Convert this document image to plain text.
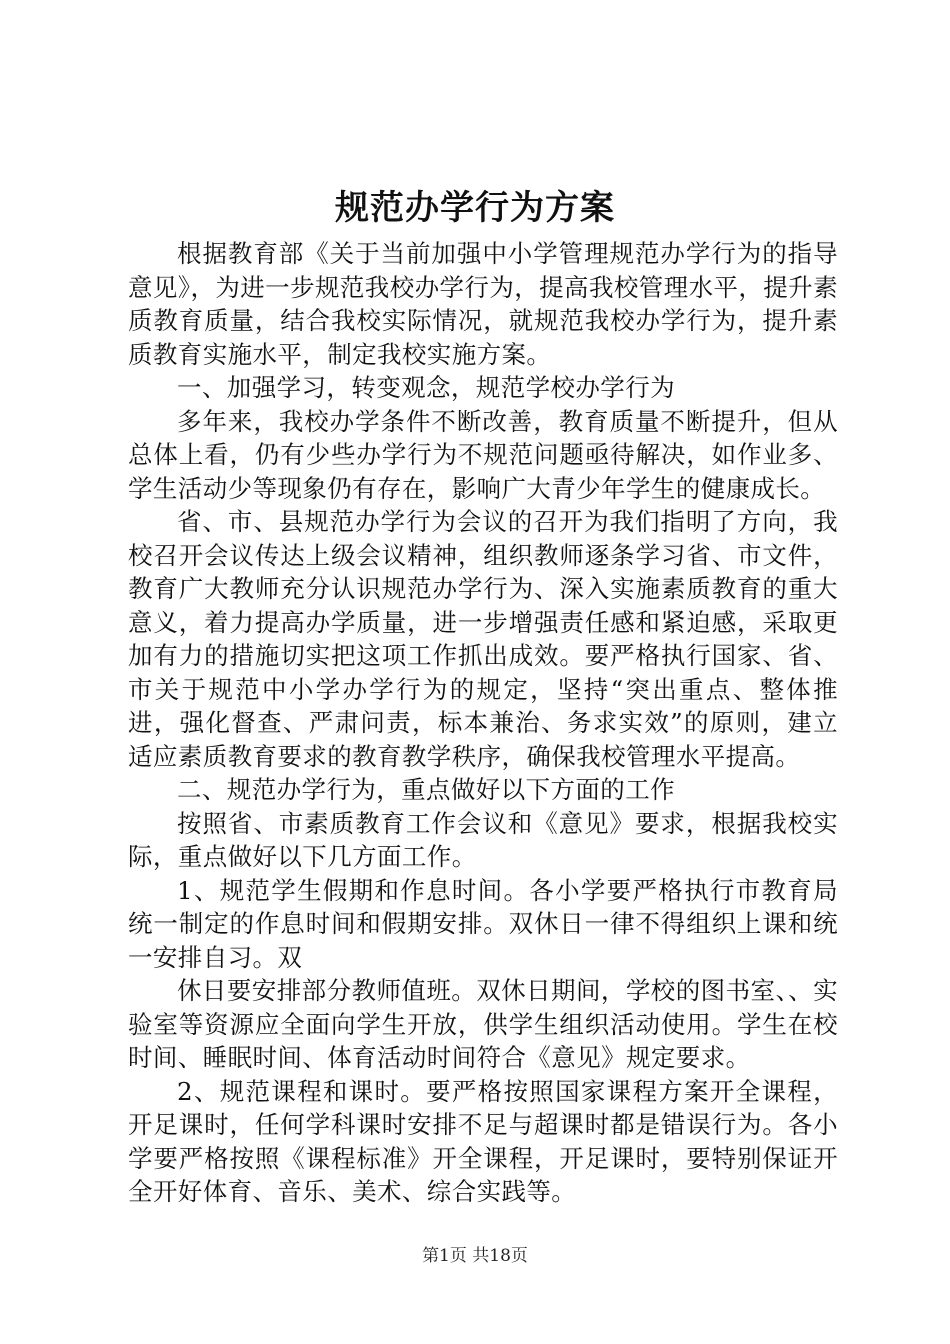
规范办学行为方案

根据教育部《关于当前加强中小学管理规范办学行为的指导意见》，为进一步规范我校办学行为，提高我校管理水平，提升素质教育质量，结合我校实际情况，就规范我校办学行为，提升素质教育实施水平，制定我校实施方案。

一、加强学习，转变观念，规范学校办学行为

多年来，我校办学条件不断改善，教育质量不断提升，但从总体上看，仍有少些办学行为不规范问题亟待解决，如作业多、学生活动少等现象仍有存在，影响广大青少年学生的健康成长。

省、市、县规范办学行为会议的召开为我们指明了方向，我校召开会议传达上级会议精神，组织教师逐条学习省、市文件，教育广大教师充分认识规范办学行为、深入实施素质教育的重大意义，着力提高办学质量，进一步增强责任感和紧迫感，采取更加有力的措施切实把这项工作抓出成效。要严格执行国家、省、市关于规范中小学办学行为的规定，坚持“突出重点、整体推进，强化督查、严肃问责，标本兼治、务求实效”的原则，建立适应素质教育要求的教育教学秩序，确保我校管理水平提高。

二、规范办学行为，重点做好以下方面的工作

按照省、市素质教育工作会议和《意见》要求，根据我校实际，重点做好以下几方面工作。

1、规范学生假期和作息时间。各小学要严格执行市教育局统一制定的作息时间和假期安排。双休日一律不得组织上课和统一安排自习。双

休日要安排部分教师值班。双休日期间，学校的图书室、、实验室等资源应全面向学生开放，供学生组织活动使用。学生在校时间、睡眠时间、体育活动时间符合《意见》规定要求。

2、规范课程和课时。要严格按照国家课程方案开全课程，开足课时，任何学科课时安排不足与超课时都是错误行为。各小学要严格按照《课程标准》开全课程，开足课时，要特别保证开全开好体育、音乐、美术、综合实践等。

第1页 共18页
